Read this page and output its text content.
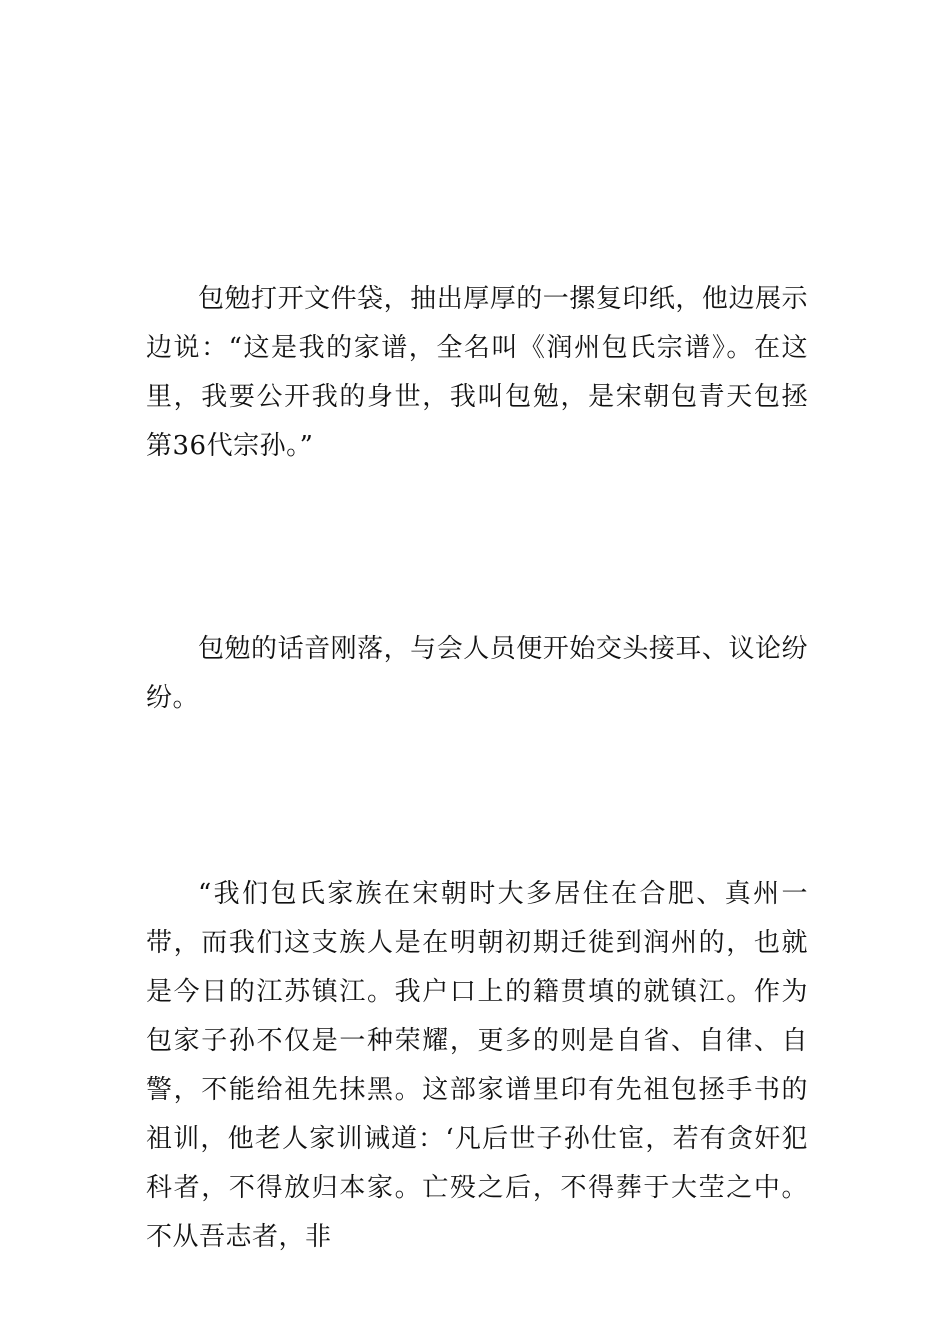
包勉打开文件袋，抽出厚厚的一摞复印纸，他边展示边说：“这是我的家谱，全名叫《润州包氏宗谱》。在这里，我要公开我的身世，我叫包勉，是宋朝包青天包拯第36代宗孙。”

包勉的话音刚落，与会人员便开始交头接耳、议论纷纷。

“我们包氏家族在宋朝时大多居住在合肥、真州一带，而我们这支族人是在明朝初期迁徙到润州的，也就是今日的江苏镇江。我户口上的籍贯填的就镇江。作为包家子孙不仅是一种荣耀，更多的则是自省、自律、自警，不能给祖先抹黑。这部家谱里印有先祖包拯手书的祖训，他老人家训诫道：‘凡后世子孙仕宦，若有贪奸犯科者，不得放归本家。亡殁之后，不得葬于大茔之中。不从吾志者，非
